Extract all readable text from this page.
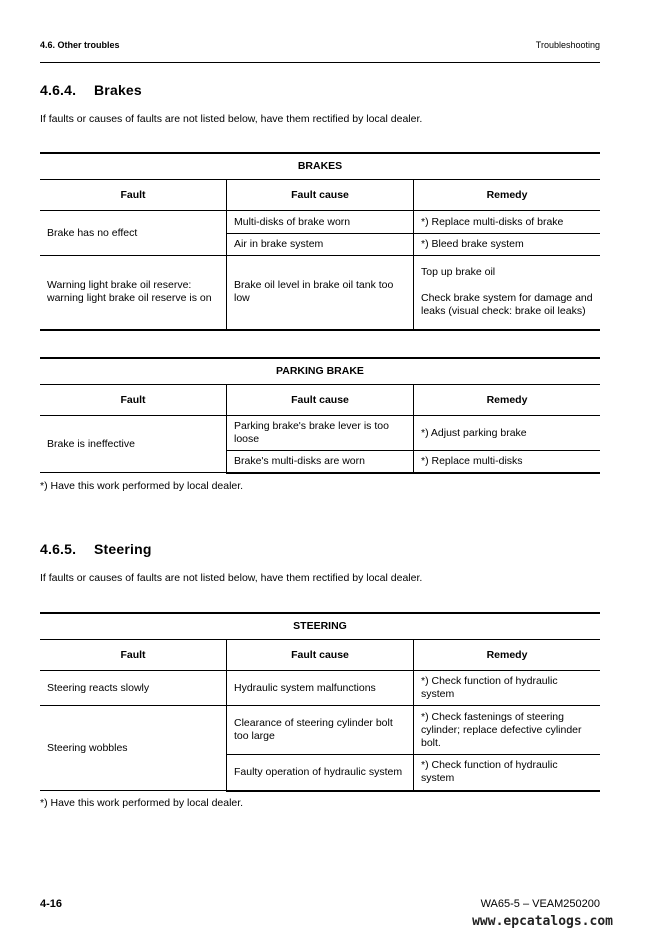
4.6. Other troubles	Troubleshooting
4.6.4. Brakes
If faults or causes of faults are not listed below, have them rectified by local dealer.
BRAKES		
Fault	Fault cause	Remedy
Brake has no effect	Multi-disks of brake worn	*) Replace multi-disks of brake
	Air in brake system	*) Bleed brake system
Warning light brake oil reserve: warning light brake oil reserve is on	Brake oil level in brake oil tank too low	Top up brake oil
Check brake system for damage and leaks (visual check: brake oil leaks)
PARKING BRAKE		
Fault	Fault cause	Remedy
Brake is ineffective	Parking brake's brake lever is too loose	*) Adjust parking brake
	Brake's multi-disks are worn	*) Replace multi-disks
*) Have this work performed by local dealer.
4.6.5. Steering
If faults or causes of faults are not listed below, have them rectified by local dealer.
STEERING		
Fault	Fault cause	Remedy
Steering reacts slowly	Hydraulic system malfunctions	*) Check function of hydraulic system
Steering wobbles	Clearance of steering cylinder bolt too large	*) Check fastenings of steering cylinder; replace defective cylinder bolt.
	Faulty operation of hydraulic system	*) Check function of hydraulic system
*) Have this work performed by local dealer.
4-16	WA65-5 – VEAM250200
www.epcatalogs.com
